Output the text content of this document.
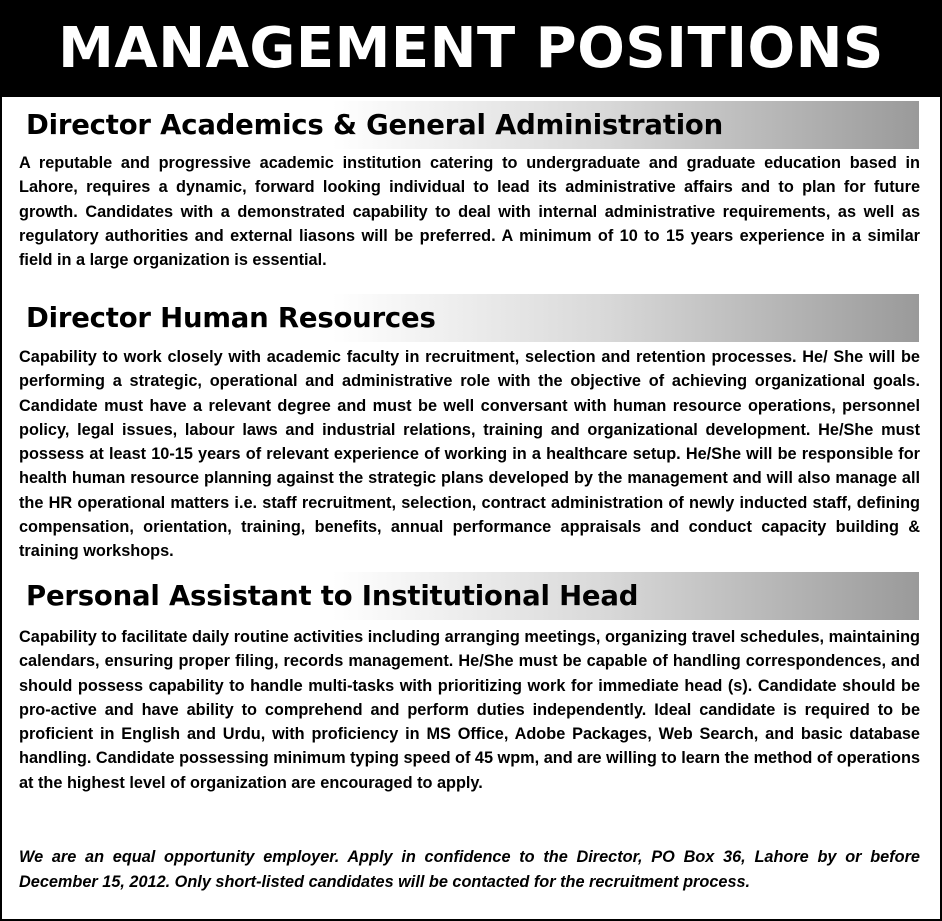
MANAGEMENT POSITIONS
Director Academics & General Administration

A reputable and progressive academic institution catering to undergraduate and graduate education based in Lahore, requires a dynamic, forward looking individual to lead its administrative affairs and to plan for future growth. Candidates with a demonstrated capability to deal with internal administrative requirements, as well as regulatory authorities and external liasons will be preferred. A minimum of 10 to 15 years experience in a similar field in a large organization is essential.

Director Human Resources

Capability to work closely with academic faculty in recruitment, selection and retention processes. He/ She will be performing a strategic, operational and administrative role with the objective of achieving organizational goals. Candidate must have a relevant degree and must be well conversant with human resource operations, personnel policy, legal issues, labour laws and industrial relations, training and organizational development. He/She must possess at least 10-15 years of relevant experience of working in a healthcare setup. He/She will be responsible for health human resource planning against the strategic plans developed by the management and will also manage all the HR operational matters i.e. staff recruitment, selection, contract administration of newly inducted staff, defining compensation, orientation, training, benefits, annual performance appraisals and conduct capacity building & training workshops.

Personal Assistant to Institutional Head

Capability to facilitate daily routine activities including arranging meetings, organizing travel schedules, maintaining calendars, ensuring proper filing, records management. He/She must be capable of handling correspondences, and should possess capability to handle multi-tasks with prioritizing work for immediate head (s). Candidate should be pro-active and have ability to comprehend and perform duties independently. Ideal candidate is required to be proficient in English and Urdu, with proficiency in MS Office, Adobe Packages, Web Search, and basic database handling. Candidate possessing minimum typing speed of 45 wpm, and are willing to learn the method of operations at the highest level of organization are encouraged to apply.

We are an equal opportunity employer. Apply in confidence to the Director, PO Box 36, Lahore by or before December 15, 2012. Only short-listed candidates will be contacted for the recruitment process.
